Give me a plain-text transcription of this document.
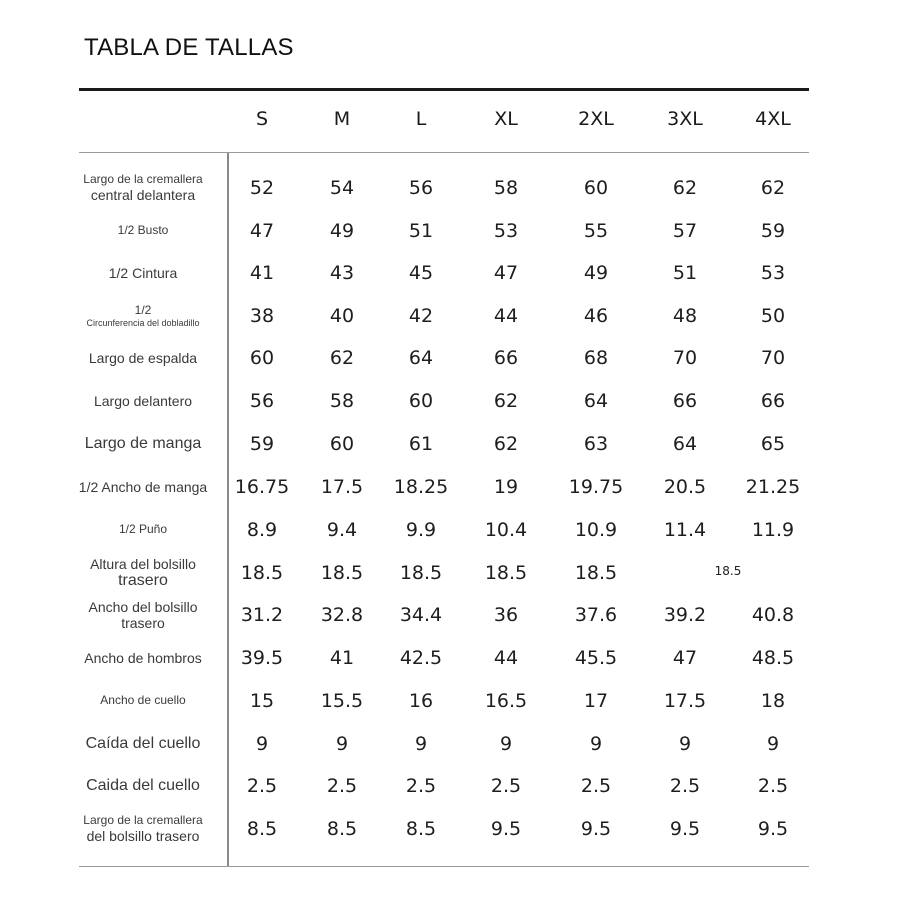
TABLA DE TALLAS
S	M	L	XL	2XL	3XL	4XL
Largo de la cremallera
central delantera	52	54	56	58	60	62	62
1/2 Busto	47	49	51	53	55	57	59
1/2 Cintura	41	43	45	47	49	51	53
1/2
Circunferencia del dobladillo	38	40	42	44	46	48	50
Largo de espalda	60	62	64	66	68	70	70
Largo delantero	56	58	60	62	64	66	66
Largo de manga	59	60	61	62	63	64	65
1/2 Ancho de manga	16.75 17.5 18.25 19	19.75 20.5 21.25
1/2 Puño	8.9	9.4	9.9	10.4	10.9 11.4 11.9
Altura del bolsillo
trasero	18.5 18.5 18.5 18.5	18.5	18.5
Ancho del bolsillo
trasero	31.2 32.8 34.4	36	37.6 39.2 40.8
Ancho de hombros	39.5 41 42.5	44	45.5	47	48.5
Ancho de cuello	15 15.5 16	16.5	17	17.5	18
Caída del cuello	9	9	9	9	9	9	9
Caida del cuello	2.5	2.5	2.5	2.5	2.5	2.5	2.5
Largo de la cremallera
del bolsillo trasero	8.5	8.5	8.5	9.5	9.5	9.5	9.5
